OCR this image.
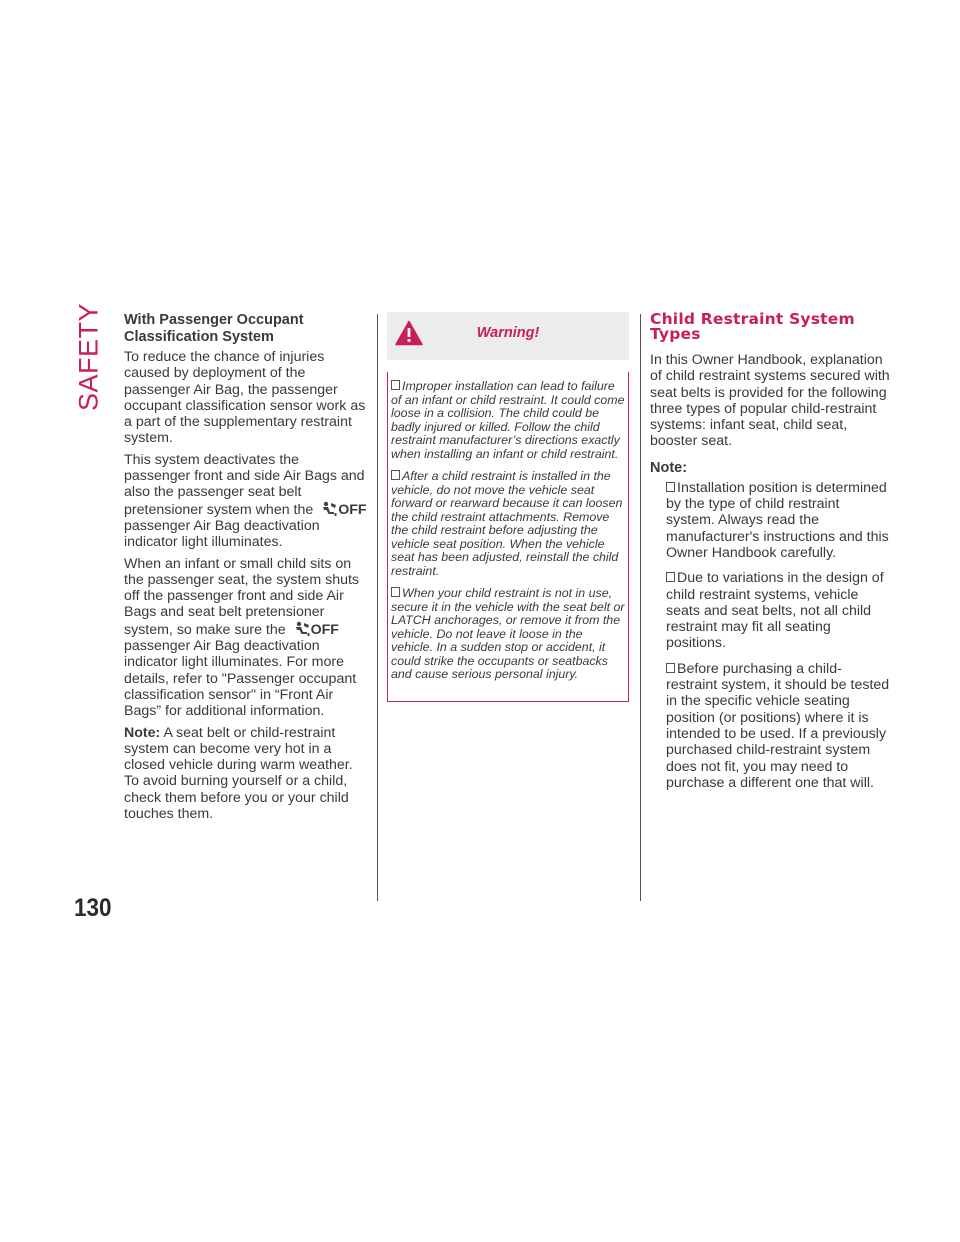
SAFETY
130
With Passenger Occupant Classification System

To reduce the chance of injuries caused by deployment of the passenger Air Bag, the passenger occupant classification sensor work as a part of the supplementary restraint system.

This system deactivates the passenger front and side Air Bags and also the passenger seat belt pretensioner system when the OFF passenger Air Bag deactivation indicator light illuminates.

When an infant or small child sits on the passenger seat, the system shuts off the passenger front and side Air Bags and seat belt pretensioner system, so make sure the OFF passenger Air Bag deactivation indicator light illuminates. For more details, refer to "Passenger occupant classification sensor" in “Front Air Bags” for additional information.

Note: A seat belt or child-restraint system can become very hot in a closed vehicle during warm weather. To avoid burning yourself or a child, check them before you or your child touches them.

Warning!

Improper installation can lead to failure of an infant or child restraint. It could come loose in a collision. The child could be badly injured or killed. Follow the child restraint manufacturer’s directions exactly when installing an infant or child restraint.

After a child restraint is installed in the vehicle, do not move the vehicle seat forward or rearward because it can loosen the child restraint attachments. Remove the child restraint before adjusting the vehicle seat position. When the vehicle seat has been adjusted, reinstall the child restraint.

When your child restraint is not in use, secure it in the vehicle with the seat belt or LATCH anchorages, or remove it from the vehicle. Do not leave it loose in the vehicle. In a sudden stop or accident, it could strike the occupants or seatbacks and cause serious personal injury.

Child Restraint System
Types

In this Owner Handbook, explanation of child restraint systems secured with seat belts is provided for the following three types of popular child-restraint systems: infant seat, child seat, booster seat.

Note:

Installation position is determined by the type of child restraint system. Always read the manufacturer's instructions and this Owner Handbook carefully.

Due to variations in the design of child restraint systems, vehicle seats and seat belts, not all child restraint may fit all seating positions.

Before purchasing a child-restraint system, it should be tested in the specific vehicle seating position (or positions) where it is intended to be used. If a previously purchased child-restraint system does not fit, you may need to purchase a different one that will.
